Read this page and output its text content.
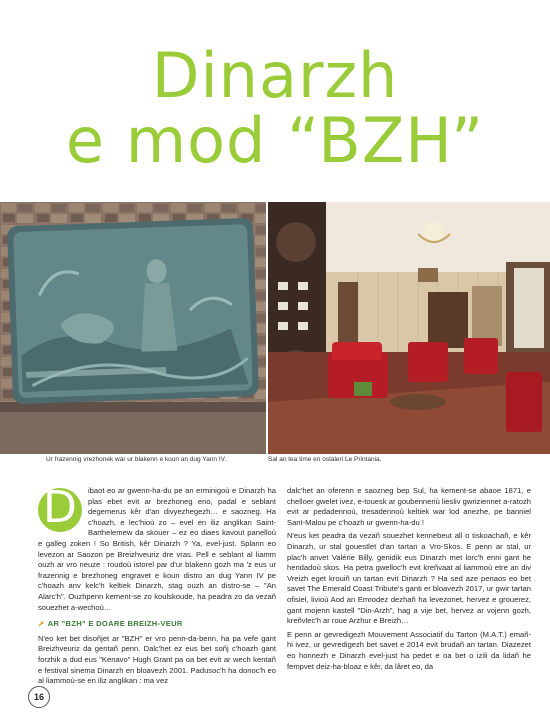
Dinarzh
e mod “BZH”
Ur frazennig vrezhonek war ur blakenn e koun an dug Yann IV.	Sal an tea time en ostaleri Le Printania.

D	ibaot eo ar gwenn-ha-du pe an erminigoù e Dinarzh ha plas ebet evit ar brezhoneg eno, padal e seblant degemerus kêr d'an divyezhegezh… e saozneg. Ha c'hoazh, e lec'hioù zo – evel en iliz anglikan Saint-Barthelemew da skouer – ez eo diaes kavout panelloù e galleg zoken ! So British, kêr Dinarzh ? Ya, evel-just. Splann eo levezon ar Saozon pe Breizhveuriz dre vras. Pell e seblant al liamm ouzh ar vro neuze : roudoù istorel par d'ur blakenn gozh ma 'z eus ur frazennig e brezhoneg engravet e koun distro an dug Yann IV pe c'hoazh anv kelc'h keltiek Dinarzh, stag ouzh an distro-se – "An Alarc'h". Ouzhpenn kement-se zo koulskoude, ha peadra zo da vezañ souezhet a-wechoù…

➚ AR "BZH" E DOARE BREIZH-VEUR

N'eo ket bet disoñjet ar "BZH" er vro penn-da-benn, ha pa vefe gant Breizhveuriz da gentañ penn. Dalc'het ez eus bet soñj c'hoazh gant forzhik a dud eus "Kenavo" Hugh Grant pa oa bet evit ar wech kentañ e festival sinema Dinarzh en bloavezh 2001. Padusoc'h ha donoc'h eo al liammoù-se en iliz anglikan : ma vez

dalc'het an oferenn e saozneg bep Sul, ha kement-se abaoe 1871, e chelloer gwelet ivez, e-touesk ar goubenneriù liesliv gwriziennet a-ratozh evit ar pedadennoù, tresadennoù keltiek war lod anezhe, pe banniel Sant-Malou pe c'hoazh ur gwenn-ha-du !

N'eus ket peadra da vezañ souezhet kennebeut all o tiskoachañ, e kêr Dinarzh, ur stal gouestlet d'an tartan a Vro-Skos. E penn ar stal, ur plac'h anvet Valérie Billy, genidik eus Dinarzh met lorc'h enni gant he hendadoù skos. Ha petra gwelloc'h evit kreñvaat al liammoù etre an div Vreizh eget krouiñ un tartan evit Dinarzh ? Ha sed aze penaos eo bet savet The Emerald Coast Tribute's ganti er bloavezh 2017, ur gwir tartan ofisiel, livioù Aod an Emrodez dezhañ ha levezonet, hervez e grouerez, gant mojenn kastell "Din-Arzh", hag a vije bet, hervez ar vojenn gozh, kreñvlec'h ar roue Arzhur e Breizh…

E penn ar gevredigezh Mouvement Associatif du Tarton (M.A.T.) emañ-hi ivez, ur gevredigezh bet savet e 2014 evit brudañ an tartan. Diazezet eo honnezh e Dinarzh evel-just ha pedet e oa bet o izili da lidañ he fempvet deiz-ha-bloaz e kêr, da lâret eo, da

16
